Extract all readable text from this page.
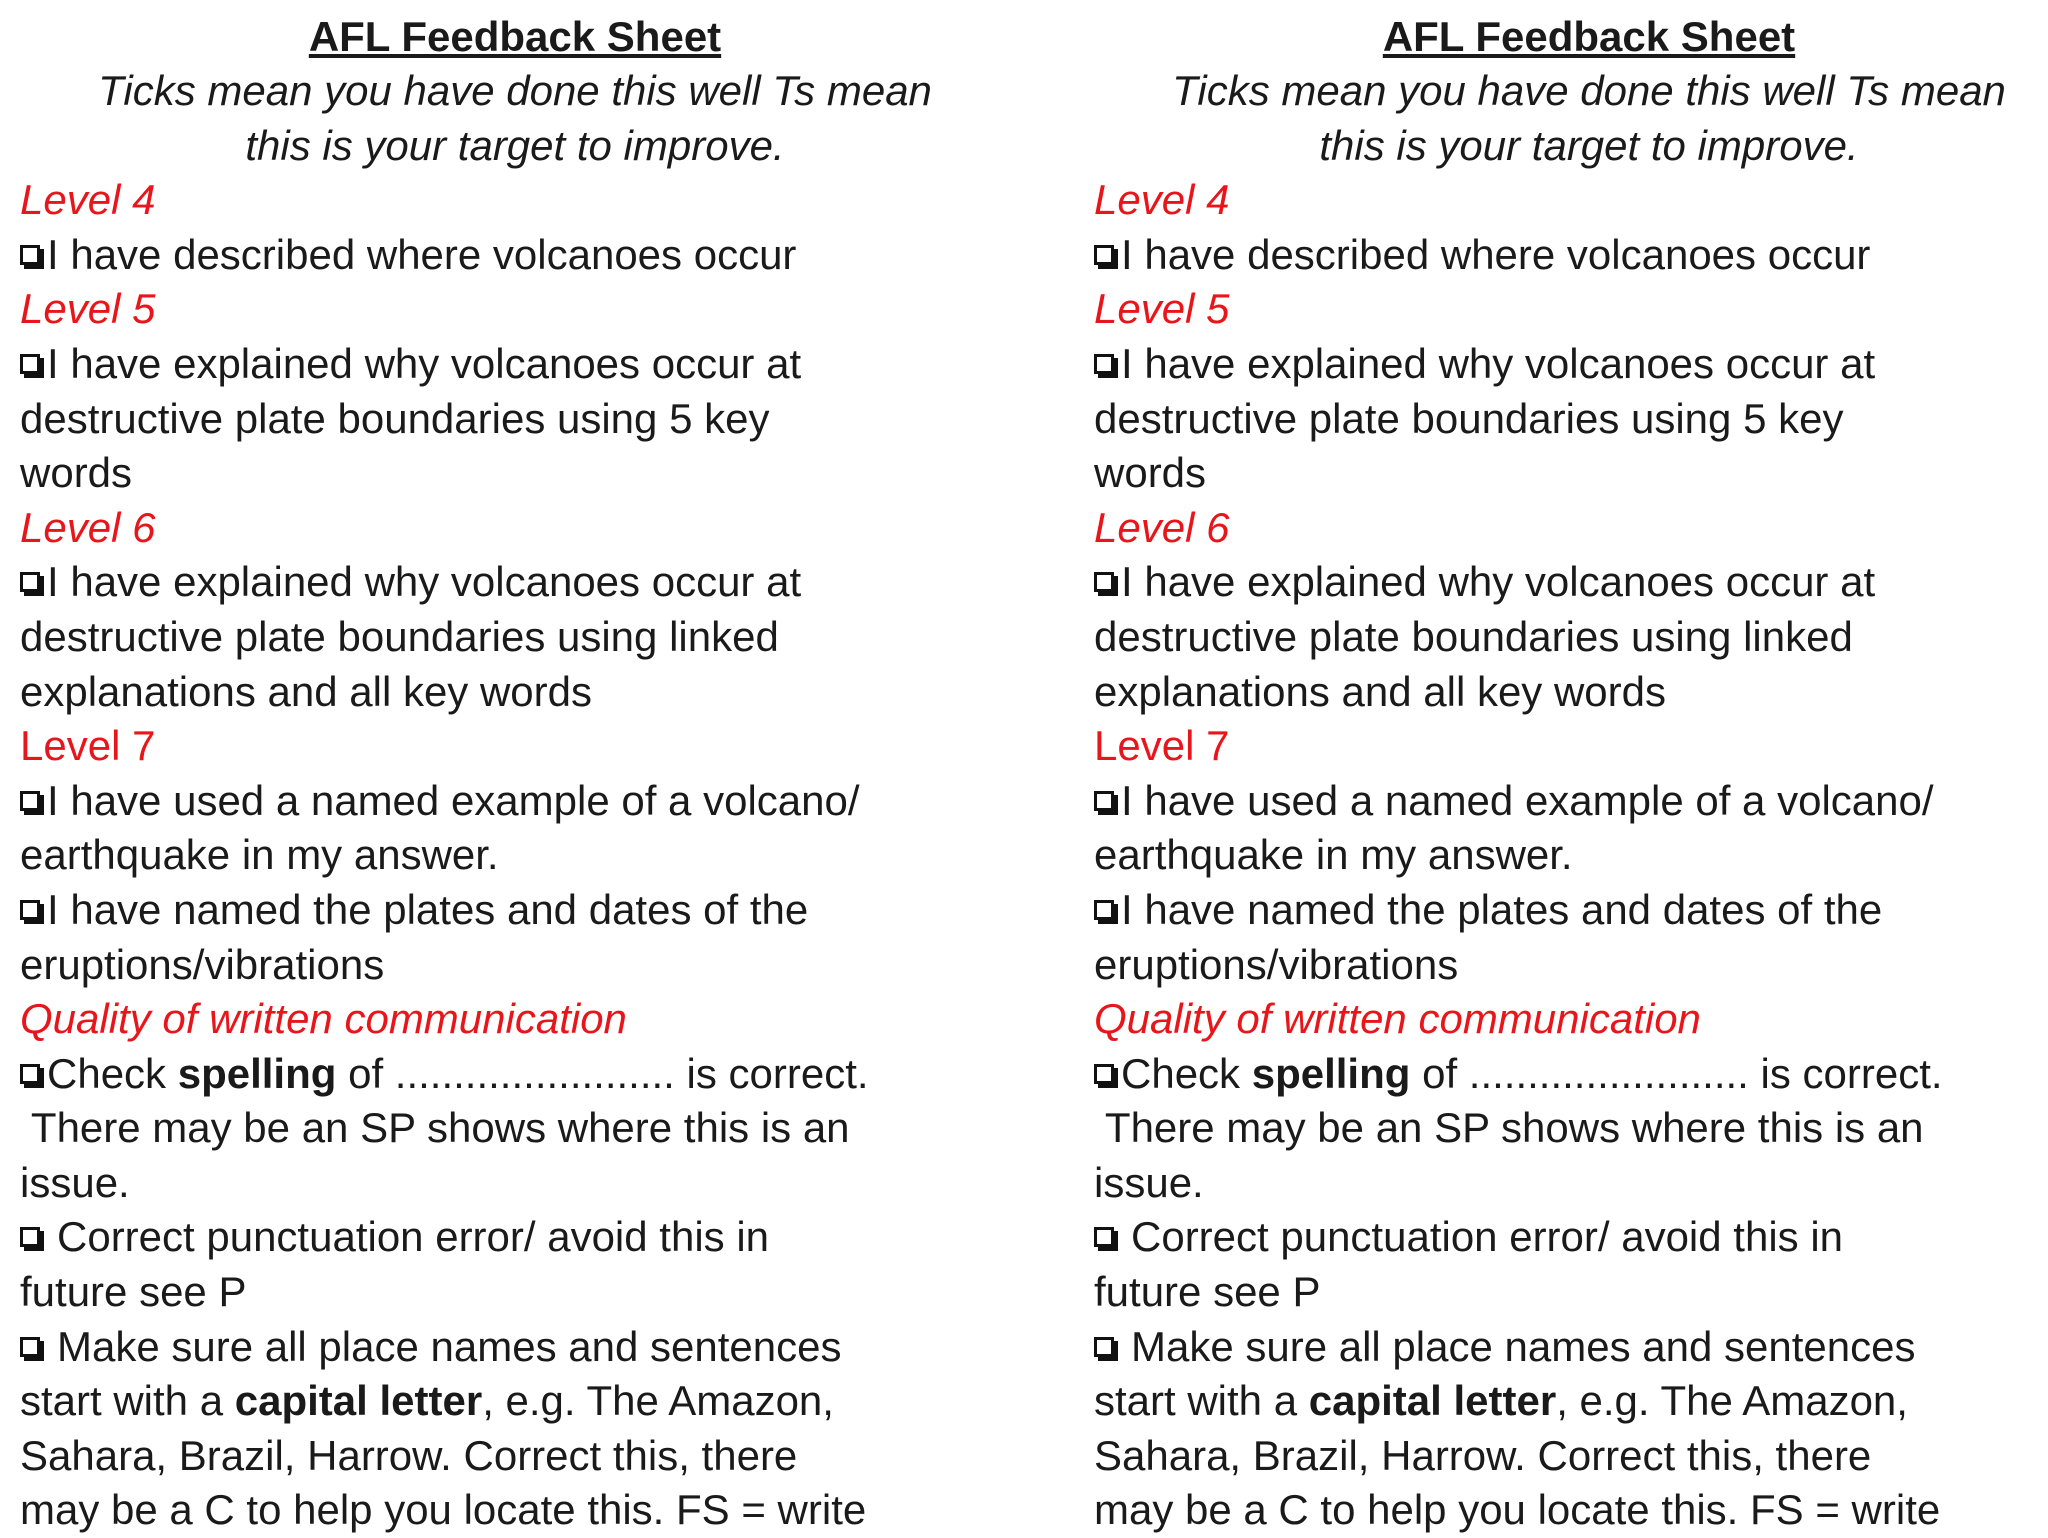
AFL Feedback Sheet
Ticks mean you have done this well Ts mean
this is your target to improve.
Level 4
I have described where volcanoes occur
Level 5
I have explained why volcanoes occur at
destructive plate boundaries using 5 key
words
Level 6
I have explained why volcanoes occur at
destructive plate boundaries using linked
explanations and all key words
Level 7
I have used a named example of a volcano/
earthquake in my answer.
I have named the plates and dates of the
eruptions/vibrations
Quality of written communication
Check spelling of ........................ is correct.
There may be an SP shows where this is an
issue.
Correct punctuation error/ avoid this in
future see P
Make sure all place names and sentences
start with a capital letter, e.g. The Amazon,
Sahara, Brazil, Harrow. Correct this, there
may be a C to help you locate this. FS = write
AFL Feedback Sheet
Ticks mean you have done this well Ts mean
this is your target to improve.
Level 4
I have described where volcanoes occur
Level 5
I have explained why volcanoes occur at
destructive plate boundaries using 5 key
words
Level 6
I have explained why volcanoes occur at
destructive plate boundaries using linked
explanations and all key words
Level 7
I have used a named example of a volcano/
earthquake in my answer.
I have named the plates and dates of the
eruptions/vibrations
Quality of written communication
Check spelling of ........................ is correct.
There may be an SP shows where this is an
issue.
Correct punctuation error/ avoid this in
future see P
Make sure all place names and sentences
start with a capital letter, e.g. The Amazon,
Sahara, Brazil, Harrow. Correct this, there
may be a C to help you locate this. FS = write
